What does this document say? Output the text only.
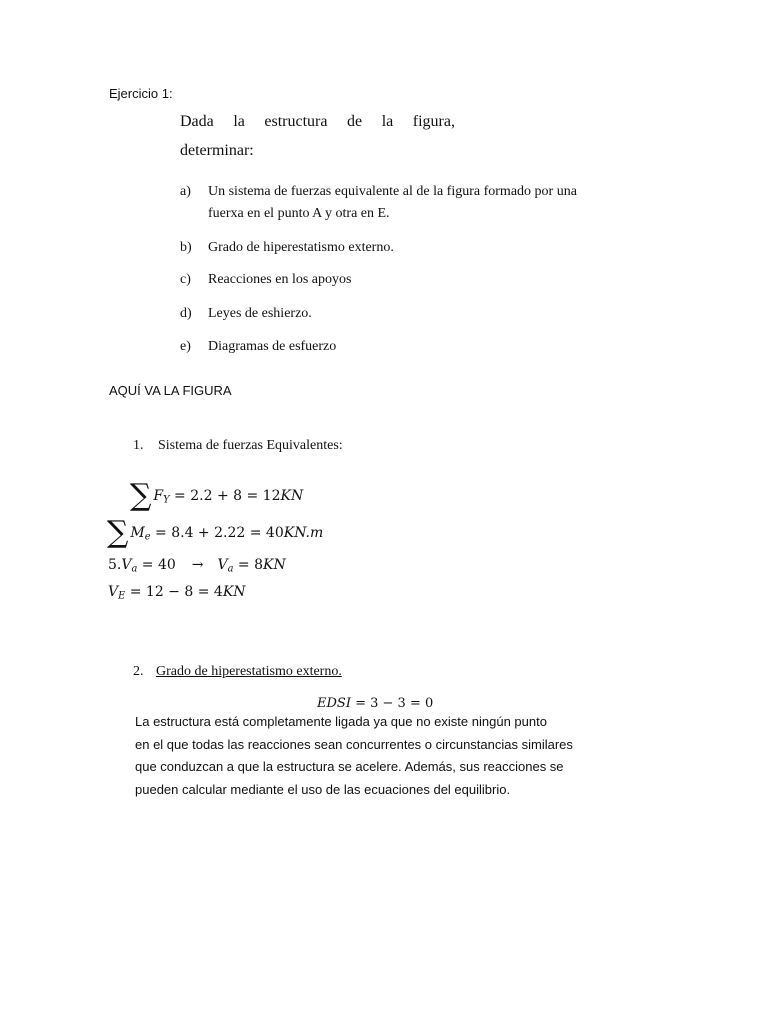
Ejercicio 1:
Dada la estructura de la figura,
determinar:
a) Un sistema de fuerzas equivalente al de la figura formado por una
fuerxa en el punto A y otra en E.
b) Grado de hiperestatismo externo.
c) Reacciones en los apoyos
d) Leyes de eshierzo.
e) Diagramas de esfuerzo
AQUÍ VA LA FIGURA
1. Sistema de fuerzas Equivalentes:
∑ $F_Y = 2.2 + 8 = 12KN$
∑ $M_e = 8.4 + 2.22 = 40KN.m$
$5.V_a = 40 \to V_a = 8KN$
$V_E = 12 - 8 = 4KN$
2. Grado de hiperestatismo externo.
EDSI = 3 − 3 = 0
La estructura está completamente ligada ya que no existe ningún punto
en el que todas las reacciones sean concurrentes o circunstancias similares
que conduzcan a que la estructura se acelere. Además, sus reacciones se
pueden calcular mediante el uso de las ecuaciones del equilibrio.
